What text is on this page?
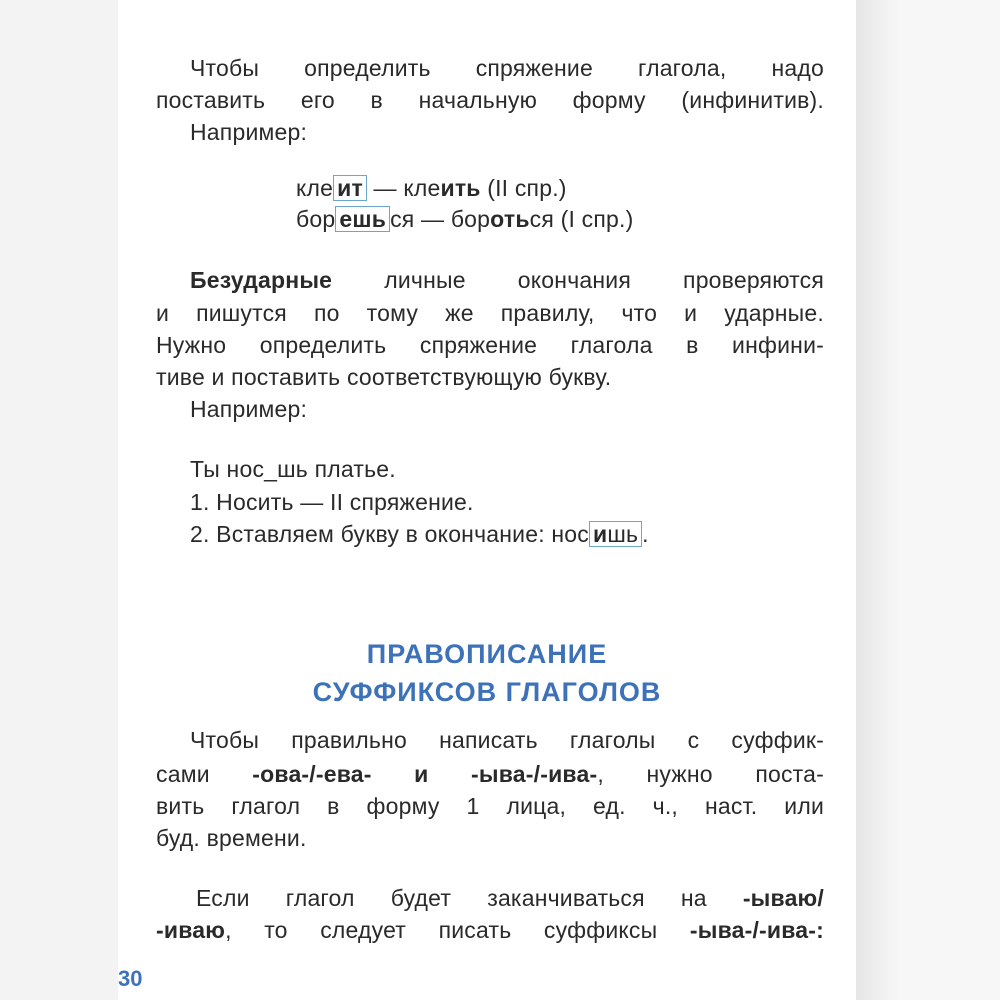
Чтобы определить спряжение глагола, надо

поставить его в начальную форму (инфинитив).

Например:

кле ит — клеить (II спр.)

бор ешь ся — бороться (I спр.)

Безударные личные окончания проверяются

и пишутся по тому же правилу, что и ударные.

Нужно определить спряжение глагола в инфини-

тиве и поставить соответствующую букву.

Например:

Ты нос_шь платье.

1. Носить — II спряжение.

2. Вставляем букву в окончание: нос ишь .

ПРАВОПИСАНИЕ
СУФФИКСОВ ГЛАГОЛОВ

Чтобы правильно написать глаголы с суффик-

сами -ова-/-ева- и -ыва-/-ива-, нужно поста-

вить глагол в форму 1 лица, ед. ч., наст. или

буд. времени.

Если глагол будет заканчиваться на -ываю/

-иваю, то следует писать суффиксы -ыва-/-ива-:

30
